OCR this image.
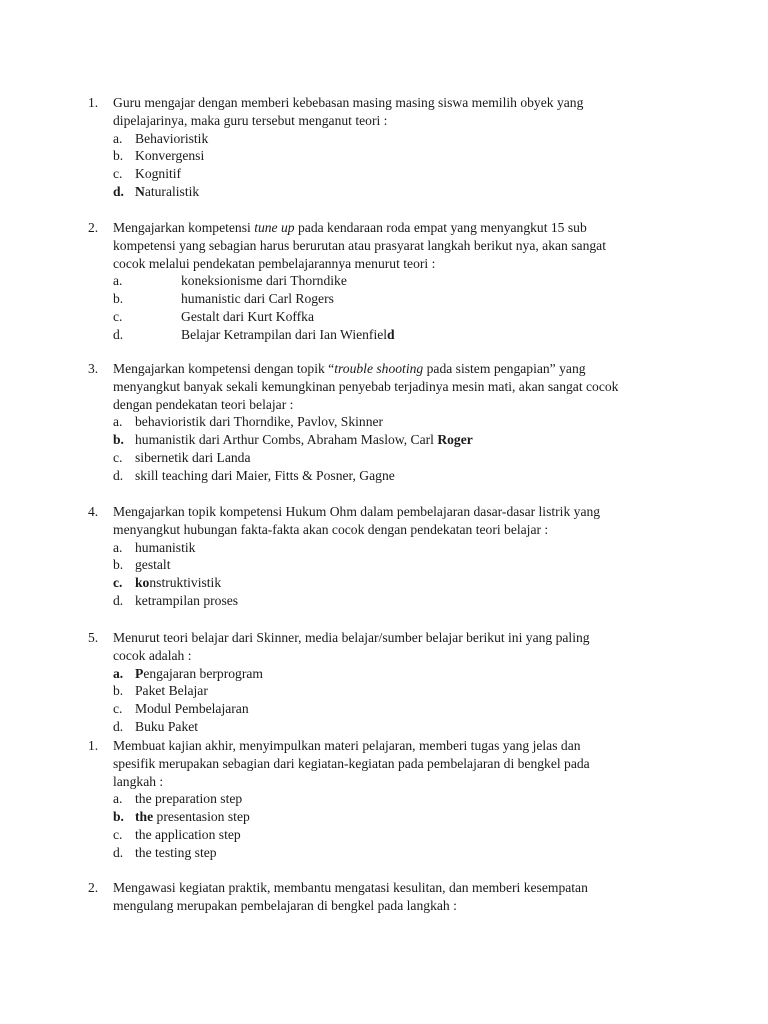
1. Guru mengajar dengan memberi kebebasan masing masing siswa memilih obyek yang
dipelajarinya, maka guru tersebut menganut teori :
a. Behavioristik
b. Konvergensi
c. Kognitif
d. Naturalistik
2. Mengajarkan kompetensi tune up pada kendaraan roda empat yang menyangkut 15 sub
kompetensi yang sebagian harus berurutan atau prasyarat langkah berikut nya, akan sangat
cocok melalui pendekatan pembelajarannya menurut teori :
a.	koneksionisme dari Thorndike
b.	humanistic dari Carl Rogers
c.	Gestalt dari Kurt Koffka
d.	Belajar Ketrampilan dari Ian Wienfield
3. Mengajarkan kompetensi dengan topik “trouble shooting pada sistem pengapian” yang
menyangkut banyak sekali kemungkinan penyebab terjadinya mesin mati, akan sangat cocok
dengan pendekatan teori belajar :
a. behavioristik dari Thorndike, Pavlov, Skinner
b. humanistik dari Arthur Combs, Abraham Maslow, Carl Roger
c. sibernetik dari Landa
d. skill teaching dari Maier, Fitts & Posner, Gagne
4. Mengajarkan topik kompetensi Hukum Ohm dalam pembelajaran dasar-dasar listrik yang
menyangkut hubungan fakta-fakta akan cocok dengan pendekatan teori belajar :
a. humanistik
b. gestalt
c. konstruktivistik
d. ketrampilan proses
5. Menurut teori belajar dari Skinner, media belajar/sumber belajar berikut ini yang paling
cocok adalah :
a. Pengajaran berprogram
b. Paket Belajar
c. Modul Pembelajaran
d. Buku Paket
1. Membuat kajian akhir, menyimpulkan materi pelajaran, memberi tugas yang jelas dan
spesifik merupakan sebagian dari kegiatan-kegiatan pada pembelajaran di bengkel pada
langkah :
a. the preparation step
b. the presentasion step
c. the application step
d. the testing step
2. Mengawasi kegiatan praktik, membantu mengatasi kesulitan, dan memberi kesempatan
mengulang merupakan pembelajaran di bengkel pada langkah :
